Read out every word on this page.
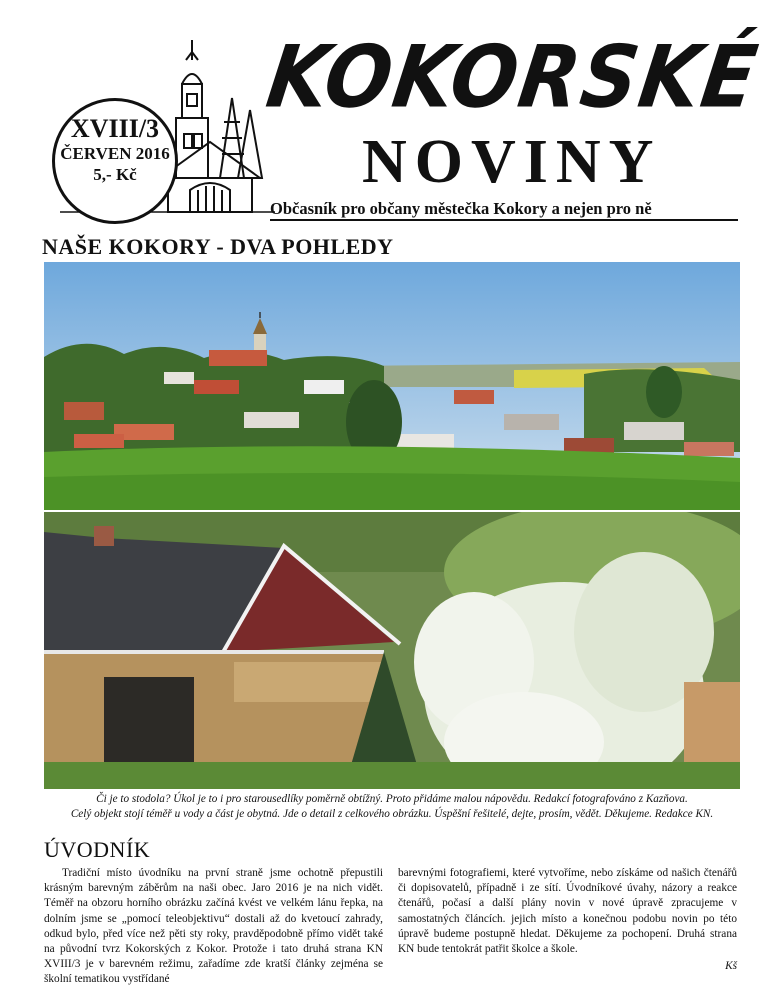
XVIII/3
ČERVEN 2016
5,- Kč
KOKORSKÉ
NOVINY
Občasník pro občany městečka Kokory a nejen pro ně
NAŠE KOKORY - DVA POHLEDY
Či je to stodola? Úkol je to i pro starousedlíky poměrně obtížný. Proto přidáme malou nápovědu. Redakcí fotografováno z Kazňova.
Celý objekt stojí téměř u vody a část je obytná. Jde o detail z celkového obrázku. Úspěšní řešitelé, dejte, prosím, vědět. Děkujeme. Redakce KN.
ÚVODNÍK

Tradiční místo úvodníku na první straně jsme ochotně přepustili krásným barevným záběrům na naši obec. Jaro 2016 je na nich vidět. Téměř na obzoru horního obrázku začíná kvést ve velkém lánu řepka, na dolním jsme se „pomocí teleobjektivu“ dostali až do kvetoucí zahrady, odkud bylo, před více než pěti sty roky, pravděpodobně přímo vidět také na původní tvrz Kokorských z Kokor. Protože i tato druhá strana KN XVIII/3 je v barevném režimu, zařadíme zde kratší články zejména se školní tematikou vystřídané

barevnými fotografiemi, které vytvoříme, nebo získáme od našich čtenářů či dopisovatelů, případně i ze sítí. Úvodníkové úvahy, názory a reakce čtenářů, počasí a další plány novin v nové úpravě zpracujeme v samostatných článcích. jejich místo a konečnou podobu novin po této úpravě budeme postupně hledat. Děkujeme za pochopení. Druhá strana KN bude tentokrát patřit školce a škole.

Kš
